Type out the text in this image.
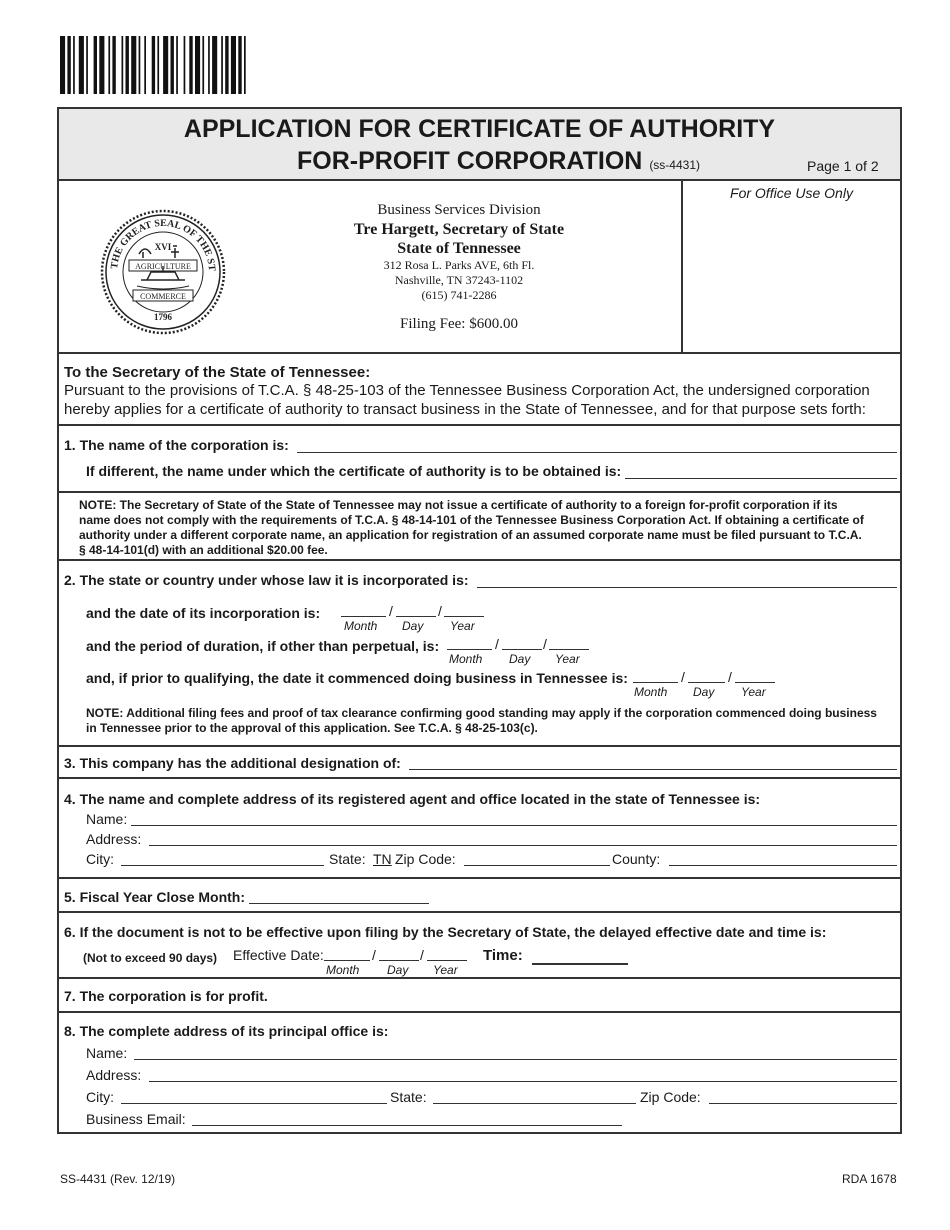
APPLICATION FOR CERTIFICATE OF AUTHORITY
FOR-PROFIT CORPORATION (ss-4431)	Page 1 of 2
THE GREAT SEAL OF THE ST
XVI
AGRICULTURE
COMMERCE
1796
Business Services Division
Tre Hargett, Secretary of State
State of Tennessee
312 Rosa L. Parks AVE, 6th Fl.
Nashville, TN 37243-1102
(615) 741-2286
Filing Fee: $600.00
For Office Use Only
To the Secretary of the State of Tennessee:
Pursuant to the provisions of T.C.A. § 48-25-103 of the Tennessee Business Corporation Act, the undersigned corporation
hereby applies for a certificate of authority to transact business in the State of Tennessee, and for that purpose sets forth:
1. The name of the corporation is:
If different, the name under which the certificate of authority is to be obtained is:
NOTE: The Secretary of State of the State of Tennessee may not issue a certificate of authority to a foreign for-profit corporation if its
name does not comply with the requirements of T.C.A. § 48-14-101 of the Tennessee Business Corporation Act. If obtaining a certificate of
authority under a different corporate name, an application for registration of an assumed corporate name must be filed pursuant to T.C.A.
§ 48-14-101(d) with an additional $20.00 fee.
2. The state or country under whose law it is incorporated is:
and the date of its incorporation is:	/	/
Month Day Year
and the period of duration, if other than perpetual, is:	/	/
Month Day Year
and, if prior to qualifying, the date it commenced doing business in Tennessee is:	/	/
Month Day Year
NOTE: Additional filing fees and proof of tax clearance confirming good standing may apply if the corporation commenced doing business
in Tennessee prior to the approval of this application. See T.C.A. § 48-25-103(c).
3. This company has the additional designation of:
4. The name and complete address of its registered agent and office located in the state of Tennessee is:
Name:
Address:
City:	State: TN Zip Code:	County:
5. Fiscal Year Close Month:
6. If the document is not to be effective upon filing by the Secretary of State, the delayed effective date and time is:
(Not to exceed 90 days) Effective Date:	/	/
Month Day Year
Time:
7. The corporation is for profit.
8. The complete address of its principal office is:
Name:
Address:
City:	State:	Zip Code:
Business Email:
SS-4431 (Rev. 12/19)	RDA 1678
